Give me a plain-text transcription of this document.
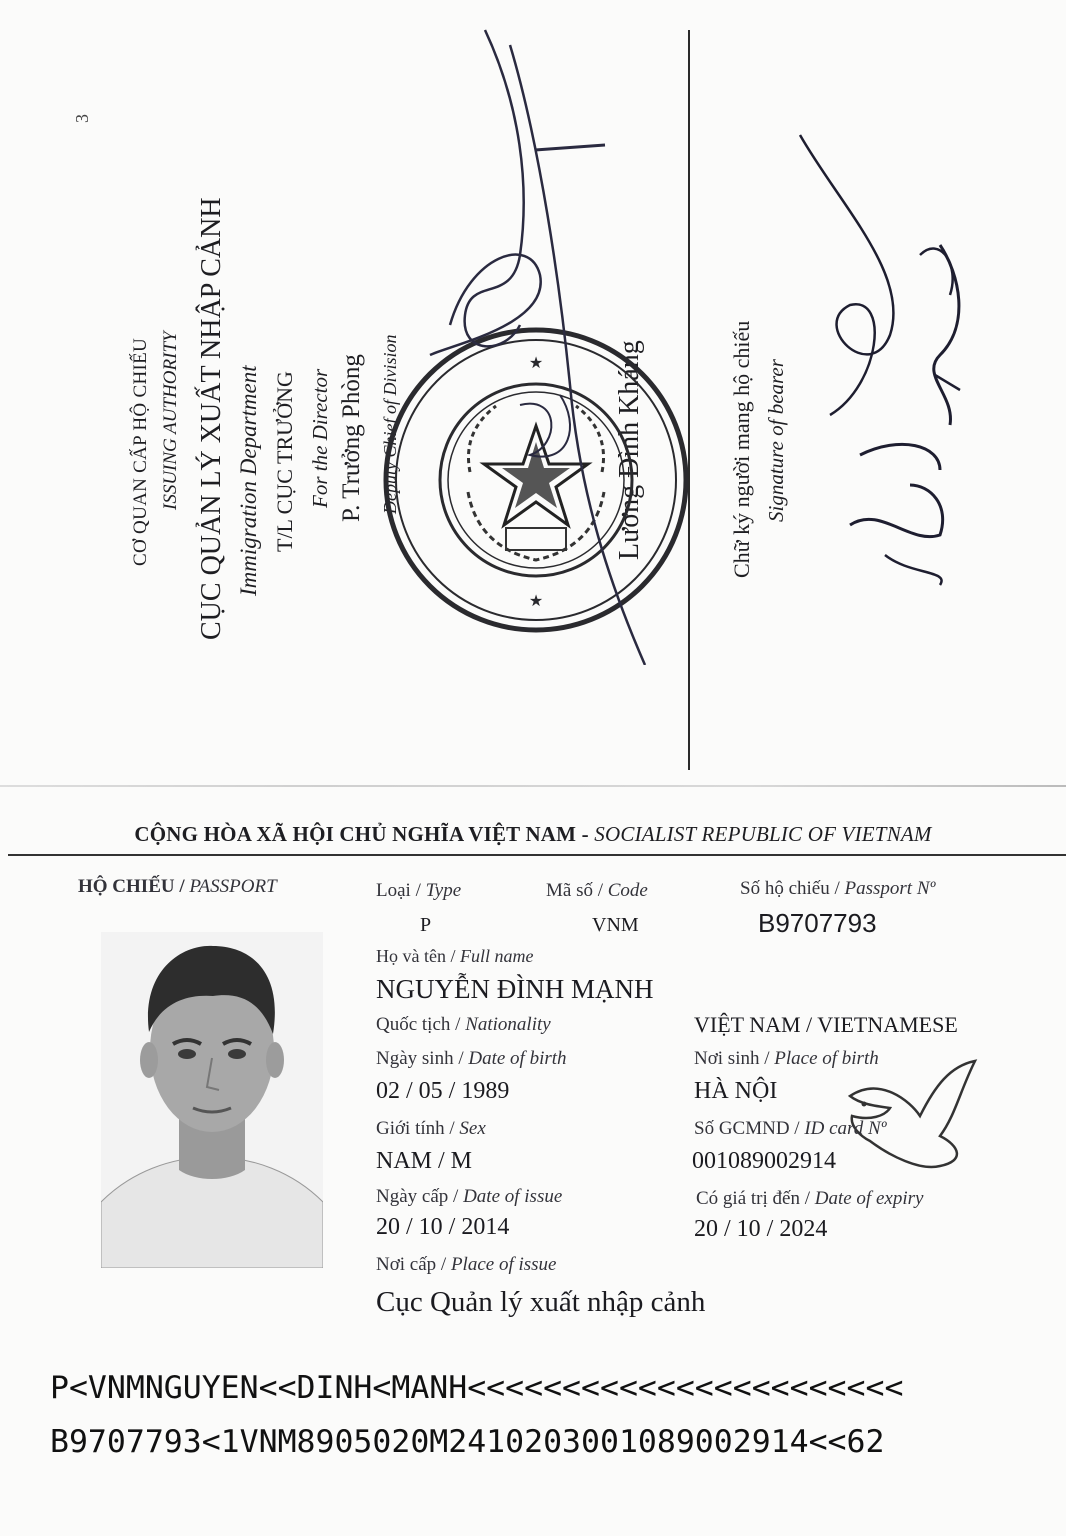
3
CƠ QUAN CẤP HỘ CHIẾU ISSUING AUTHORITY CỤC QUẢN LÝ XUẤT NHẬP CẢNH Immigration Department T/L CỤC TRƯỞNG For the Director P. Trưởng Phòng Deputy Chief of Division	Lương Đình Kháng
★
★	Chữ ký người mang hộ chiếu Signature of bearer
CỘNG HÒA XÃ HỘI CHỦ NGHĨA VIỆT NAM - SOCIALIST REPUBLIC OF VIETNAM
HỘ CHIẾU / PASSPORT	Loại / Type	Mã số / Code	Số hộ chiếu / Passport Nº
P	VNM	B9707793
Họ và tên / Full name
NGUYỄN ĐÌNH MẠNH
Quốc tịch / Nationality	VIỆT NAM / VIETNAMESE
Ngày sinh / Date of birth	Nơi sinh / Place of birth
02 / 05 / 1989	HÀ NỘI
Giới tính / Sex	Số GCMND / ID card Nº
NAM / M	001089002914
Ngày cấp / Date of issue	Có giá trị đến / Date of expiry
20 / 10 / 2014	20 / 10 / 2024
Nơi cấp / Place of issue
Cục Quản lý xuất nhập cảnh
P<VNMNGUYEN<<DINH<MANH<<<<<<<<<<<<<<<<<<<<<<<
B9707793<1VNM8905020M2410203001089002914<<62
